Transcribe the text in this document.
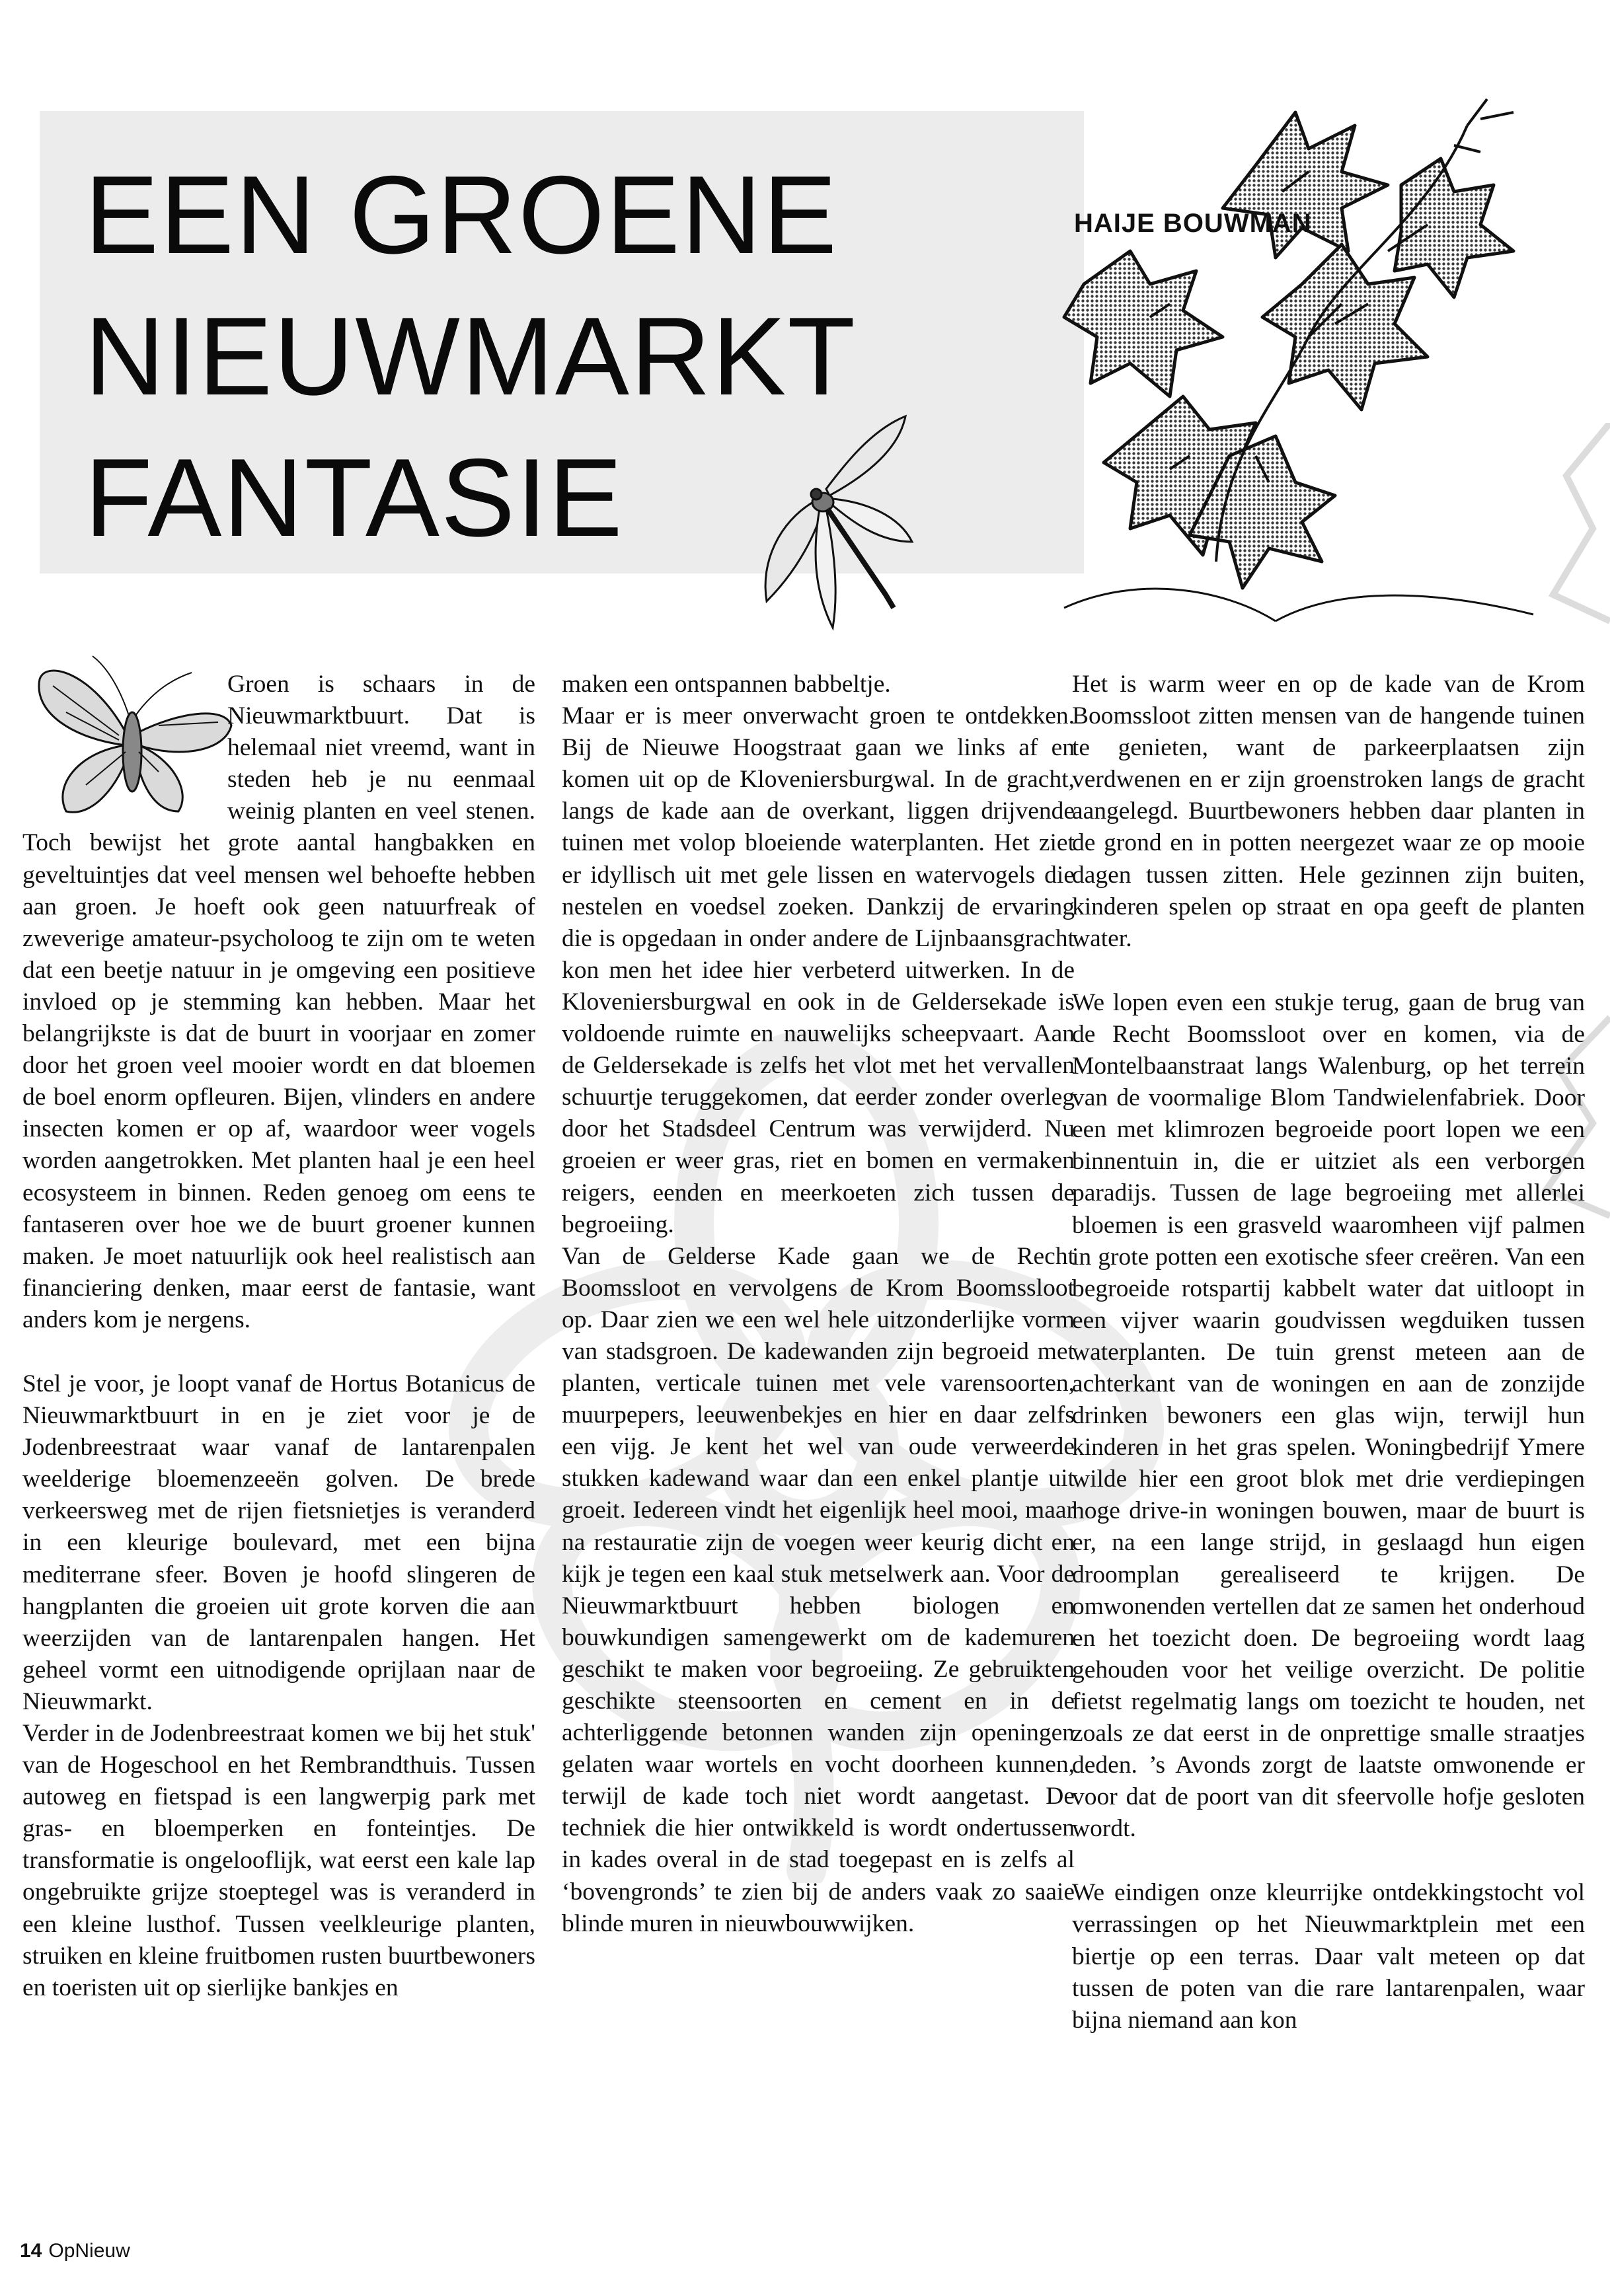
EEN GROENE
NIEUWMARKT
FANTASIE
HAIJE BOUWMAN

Groen is schaars in de Nieuwmarktbuurt. Dat is helemaal niet vreemd, want in steden heb je nu eenmaal weinig planten en veel stenen. Toch bewijst het grote aantal hangbakken en geveltuintjes dat veel mensen wel behoefte hebben aan groen. Je hoeft ook geen natuurfreak of zweverige amateur-psycholoog te zijn om te weten dat een beetje natuur in je omgeving een positieve invloed op je stemming kan hebben. Maar het belangrijkste is dat de buurt in voorjaar en zomer door het groen veel mooier wordt en dat bloemen de boel enorm opfleuren. Bijen, vlinders en andere insecten komen er op af, waardoor weer vogels worden aangetrokken. Met planten haal je een heel ecosysteem in binnen. Reden genoeg om eens te fantaseren over hoe we de buurt groener kunnen maken. Je moet natuurlijk ook heel realistisch aan financiering denken, maar eerst de fantasie, want anders kom je nergens.

Stel je voor, je loopt vanaf de Hortus Botanicus de Nieuwmarktbuurt in en je ziet voor je de Jodenbreestraat waar vanaf de lantarenpalen weelderige bloemenzeeën golven. De brede verkeersweg met de rijen fietsnietjes is veranderd in een kleurige boulevard, met een bijna mediterrane sfeer. Boven je hoofd slingeren de hangplanten die groeien uit grote korven die aan weerzijden van de lantarenpalen hangen. Het geheel vormt een uitnodigende oprijlaan naar de Nieuwmarkt.

Verder in de Jodenbreestraat komen we bij het stuk' van de Hogeschool en het Rembrandthuis. Tussen autoweg en fietspad is een langwerpig park met gras- en bloemperken en fonteintjes. De transformatie is ongelooflijk, wat eerst een kale lap ongebruikte grijze stoeptegel was is veranderd in een kleine lusthof. Tussen veelkleurige planten, struiken en kleine fruitbomen rusten buurtbewoners en toeristen uit op sierlijke bankjes en

maken een ontspannen babbeltje.

Maar er is meer onverwacht groen te ontdekken. Bij de Nieuwe Hoogstraat gaan we links af en komen uit op de Kloveniersburgwal. In de gracht, langs de kade aan de overkant, liggen drijvende tuinen met volop bloeiende waterplanten. Het ziet er idyllisch uit met gele lissen en watervogels die nestelen en voedsel zoeken. Dankzij de ervaring die is opgedaan in onder andere de Lijnbaansgracht kon men het idee hier verbeterd uitwerken. In de Kloveniersburgwal en ook in de Geldersekade is voldoende ruimte en nauwelijks scheepvaart. Aan de Geldersekade is zelfs het vlot met het vervallen schuurtje teruggekomen, dat eerder zonder overleg door het Stadsdeel Centrum was verwijderd. Nu groeien er weer gras, riet en bomen en vermaken reigers, eenden en meerkoeten zich tussen de begroeiing.

Van de Gelderse Kade gaan we de Recht Boomssloot en vervolgens de Krom Boomssloot op. Daar zien we een wel hele uitzonderlijke vorm van stadsgroen. De kadewanden zijn begroeid met planten, verticale tuinen met vele varensoorten, muurpepers, leeuwenbekjes en hier en daar zelfs een vijg. Je kent het wel van oude verweerde stukken kadewand waar dan een enkel plantje uit groeit. Iedereen vindt het eigenlijk heel mooi, maar na restauratie zijn de voegen weer keurig dicht en kijk je tegen een kaal stuk metselwerk aan. Voor de Nieuwmarktbuurt hebben biologen en bouwkundigen samengewerkt om de kademuren geschikt te maken voor begroeiing. Ze gebruikten geschikte steensoorten en cement en in de achterliggende betonnen wanden zijn openingen gelaten waar wortels en vocht doorheen kunnen, terwijl de kade toch niet wordt aangetast. De techniek die hier ontwikkeld is wordt ondertussen in kades overal in de stad toegepast en is zelfs al ‘bovengronds’ te zien bij de anders vaak zo saaie blinde muren in nieuwbouwwijken.

Het is warm weer en op de kade van de Krom Boomssloot zitten mensen van de hangende tuinen te genieten, want de parkeerplaatsen zijn verdwenen en er zijn groenstroken langs de gracht aangelegd. Buurtbewoners hebben daar planten in de grond en in potten neergezet waar ze op mooie dagen tussen zitten. Hele gezinnen zijn buiten, kinderen spelen op straat en opa geeft de planten water.

We lopen even een stukje terug, gaan de brug van de Recht Boomssloot over en komen, via de Montelbaanstraat langs Walenburg, op het terrein van de voormalige Blom Tandwielenfabriek. Door een met klimrozen begroeide poort lopen we een binnentuin in, die er uitziet als een verborgen paradijs. Tussen de lage begroeiing met allerlei bloemen is een grasveld waaromheen vijf palmen in grote potten een exotische sfeer creëren. Van een begroeide rotspartij kabbelt water dat uitloopt in een vijver waarin goudvissen wegduiken tussen waterplanten. De tuin grenst meteen aan de achterkant van de woningen en aan de zonzijde drinken bewoners een glas wijn, terwijl hun kinderen in het gras spelen. Woningbedrijf Ymere wilde hier een groot blok met drie verdiepingen hoge drive-in woningen bouwen, maar de buurt is er, na een lange strijd, in geslaagd hun eigen droomplan gerealiseerd te krijgen. De omwonenden vertellen dat ze samen het onderhoud en het toezicht doen. De begroeiing wordt laag gehouden voor het veilige overzicht. De politie fietst regelmatig langs om toezicht te houden, net zoals ze dat eerst in de onprettige smalle straatjes deden. ’s Avonds zorgt de laatste omwonende er voor dat de poort van dit sfeervolle hofje gesloten wordt.

We eindigen onze kleurrijke ontdekkingstocht vol verrassingen op het Nieuwmarktplein met een biertje op een terras. Daar valt meteen op dat tussen de poten van die rare lantarenpalen, waar bijna niemand aan kon

14 OpNieuw
